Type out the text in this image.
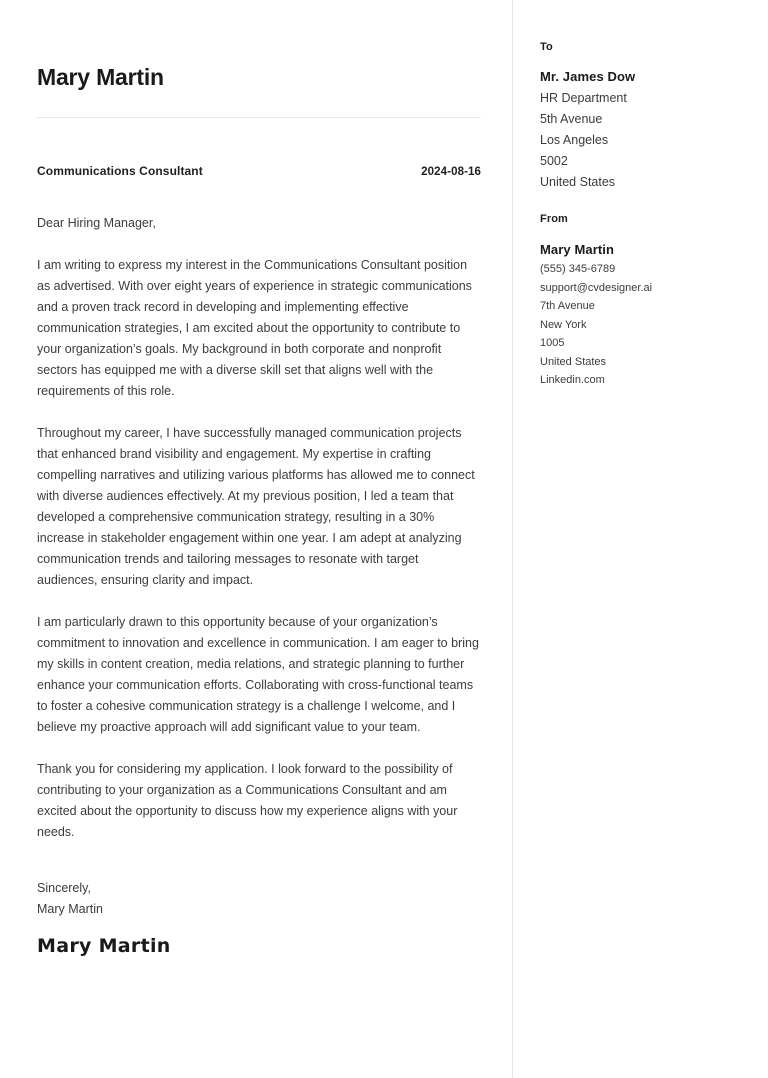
Mary Martin
Communications Consultant	2024-08-16
Dear Hiring Manager,

I am writing to express my interest in the Communications Consultant position as advertised. With over eight years of experience in strategic communications and a proven track record in developing and implementing effective communication strategies, I am excited about the opportunity to contribute to your organization’s goals. My background in both corporate and nonprofit sectors has equipped me with a diverse skill set that aligns well with the requirements of this role.

Throughout my career, I have successfully managed communication projects that enhanced brand visibility and engagement. My expertise in crafting compelling narratives and utilizing various platforms has allowed me to connect with diverse audiences effectively. At my previous position, I led a team that developed a comprehensive communication strategy, resulting in a 30% increase in stakeholder engagement within one year. I am adept at analyzing communication trends and tailoring messages to resonate with target audiences, ensuring clarity and impact.

I am particularly drawn to this opportunity because of your organization’s commitment to innovation and excellence in communication. I am eager to bring my skills in content creation, media relations, and strategic planning to further enhance your communication efforts. Collaborating with cross-functional teams to foster a cohesive communication strategy is a challenge I welcome, and I believe my proactive approach will add significant value to your team.

Thank you for considering my application. I look forward to the possibility of contributing to your organization as a Communications Consultant and am excited about the opportunity to discuss how my experience aligns with your needs.

Sincerely,
Mary Martin
Mary Martin
To
Mr. James Dow
HR Department
5th Avenue
Los Angeles
5002
United States
From
Mary Martin
(555) 345-6789
support@cvdesigner.ai
7th Avenue
New York
1005
United States
Linkedin.com
